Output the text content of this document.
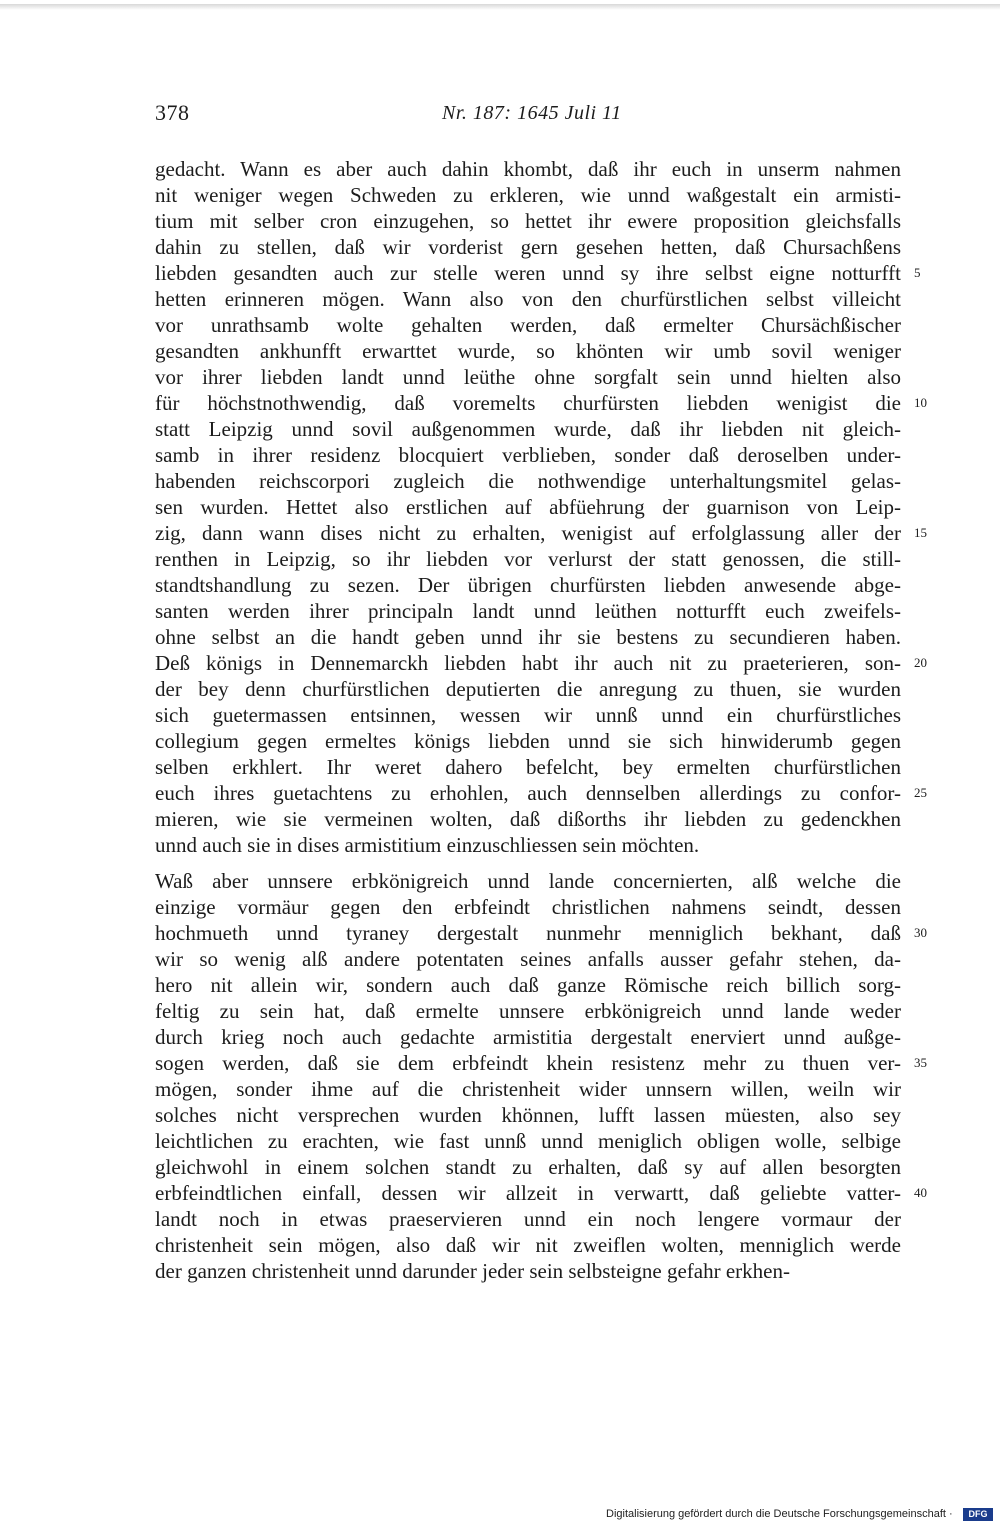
378	Nr. 187: 1645 Juli 11
gedacht. Wann es aber auch dahin khombt, daß ihr euch in unserm nahmen
nit weniger wegen Schweden zu erkleren, wie unnd waßgestalt ein armisti-
tium mit selber cron einzugehen, so hettet ihr ewere proposition gleichsfalls
dahin zu stellen, daß wir vorderist gern gesehen hetten, daß Chursachßens
liebden gesandten auch zur stelle weren unnd sy ihre selbst eigne notturfft
hetten erinneren mögen. Wann also von den churfürstlichen selbst villeicht
vor unrathsamb wolte gehalten werden, daß ermelter Chursächßischer
gesandten ankhunfft erwarttet wurde, so khönten wir umb sovil weniger
vor ihrer liebden landt unnd leüthe ohne sorgfalt sein unnd hielten also
für höchstnothwendig, daß voremelts churfürsten liebden wenigist die
statt Leipzig unnd sovil außgenommen wurde, daß ihr liebden nit gleich-
samb in ihrer residenz blocquiert verblieben, sonder daß deroselben under-
habenden reichscorpori zugleich die nothwendige unterhaltungsmitel gelas-
sen wurden. Hettet also erstlichen auf abfüehrung der guarnison von Leip-
zig, dann wann dises nicht zu erhalten, wenigist auf erfolglassung aller der
renthen in Leipzig, so ihr liebden vor verlurst der statt genossen, die still-
standtshandlung zu sezen. Der übrigen churfürsten liebden anwesende abge-
santen werden ihrer principaln landt unnd leüthen notturfft euch zweifels-
ohne selbst an die handt geben unnd ihr sie bestens zu secundieren haben.
Deß königs in Dennemarckh liebden habt ihr auch nit zu praeterieren, son-
der bey denn churfürstlichen deputierten die anregung zu thuen, sie wurden
sich guetermassen entsinnen, wessen wir unnß unnd ein churfürstliches
collegium gegen ermeltes königs liebden unnd sie sich hinwiderumb gegen
selben erkhlert. Ihr weret dahero befelcht, bey ermelten churfürstlichen
euch ihres guetachtens zu erhohlen, auch dennselben allerdings zu confor-
mieren, wie sie vermeinen wolten, daß dißorths ihr liebden zu gedenckhen
unnd auch sie in dises armistitium einzuschliessen sein möchten.
Waß aber unnsere erbkönigreich unnd lande concernierten, alß welche die
einzige vormäur gegen den erbfeindt christlichen nahmens seindt, dessen
hochmueth unnd tyraney dergestalt nunmehr menniglich bekhant, daß
wir so wenig alß andere potentaten seines anfalls ausser gefahr stehen, da-
hero nit allein wir, sondern auch daß ganze Römische reich billich sorg-
feltig zu sein hat, daß ermelte unnsere erbkönigreich unnd lande weder
durch krieg noch auch gedachte armistitia dergestalt enerviert unnd außge-
sogen werden, daß sie dem erbfeindt khein resistenz mehr zu thuen ver-
mögen, sonder ihme auf die christenheit wider unnsern willen, weiln wir
solches nicht versprechen wurden khönnen, lufft lassen müesten, also sey
leichtlichen zu erachten, wie fast unnß unnd meniglich obligen wolle, selbige
gleichwohl in einem solchen standt zu erhalten, daß sy auf allen besorgten
erbfeindtlichen einfall, dessen wir allzeit in verwartt, daß geliebte vatter-
landt noch in etwas praeservieren unnd ein noch lengere vormaur der
christenheit sein mögen, also daß wir nit zweiflen wolten, menniglich werde
der ganzen christenheit unnd darunder jeder sein selbsteigne gefahr erkhen-
5
10
15
20
25
30
35
40
Digitalisierung gefördert durch die Deutsche Forschungsgemeinschaft ·	DFG
